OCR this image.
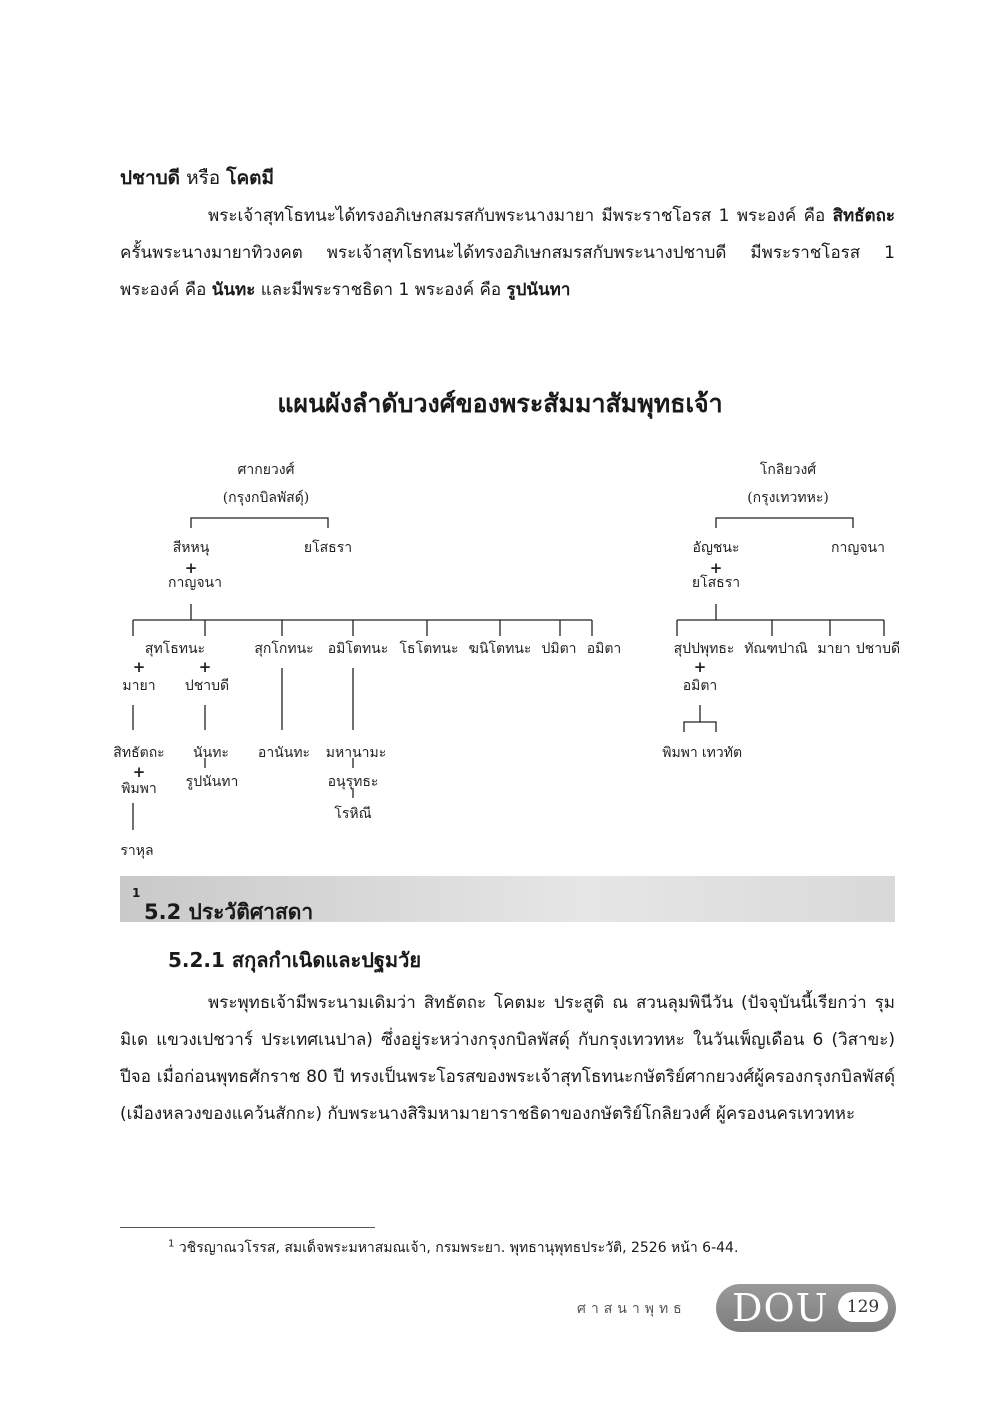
ปชาบดี หรือ โคตมี

พระเจ้าสุทโธทนะได้ทรงอภิเษกสมรสกับพระนางมายา มีพระราชโอรส 1 พระองค์ คือ สิทธัตถะ ครั้นพระนางมายาทิวงคต พระเจ้าสุทโธทนะได้ทรงอภิเษกสมรสกับพระนางปชาบดี มีพระราชโอรส 1 พระองค์ คือ นันทะ และมีพระราชธิดา 1 พระองค์ คือ รูปนันทา

แผนผังลำดับวงศ์ของพระสัมมาสัมพุทธเจ้า
ศากยวงศ์
(กรุงกบิลพัสดุ์)
โกลิยวงศ์
(กรุงเทวทหะ)
สีหหนุ	ยโสธรา
+
กาญจนา
อัญชนะ	กาญจนา
+
ยโสธรา
สุทโธทนะ	สุกโกทนะ อมิโตทนะ โธโตทนะ ฆนิโตทนะ ปมิตา อมิตา	สุปปพุทธะ ทัณฑปาณิ มายา ปชาบดี
+	+	+
มายา ปชาบดี	อมิตา
สิทธัตถะ
+
พิมพา
นันทะ
รูปนันทา
อานันทะ มหานามะ
อนุรุทธะ
โรหิณี
พิมพา เทวทัต
ราหุล
5.2 ประวัติศาสดา
$^1$
5.2.1 สกุลกำเนิดและปฐมวัย

พระพุทธเจ้ามีพระนามเดิมว่า สิทธัตถะ โคตมะ ประสูติ ณ สวนลุมพินีวัน (ปัจจุบันนี้เรียกว่า รุมมิเด แขวงเปชวาร์ ประเทศเนปาล) ซึ่งอยู่ระหว่างกรุงกบิลพัสดุ์ กับกรุงเทวทหะ ในวันเพ็ญเดือน 6 (วิสาขะ) ปีจอ เมื่อก่อนพุทธศักราช 80 ปี ทรงเป็นพระโอรสของพระเจ้าสุทโธทนะกษัตริย์ศากยวงศ์ผู้ครองกรุงกบิลพัสดุ์ (เมืองหลวงของแคว้นสักกะ) กับพระนางสิริมหามายาราชธิดาของกษัตริย์โกลิยวงศ์ ผู้ครองนครเทวทหะ

$^1$ วชิรญาณวโรรส, สมเด็จพระมหาสมณเจ้า, กรมพระยา. พุทธานุพุทธประวัติ, 2526 หน้า 6-44.
ศาสนาพุทธ DOU	129
